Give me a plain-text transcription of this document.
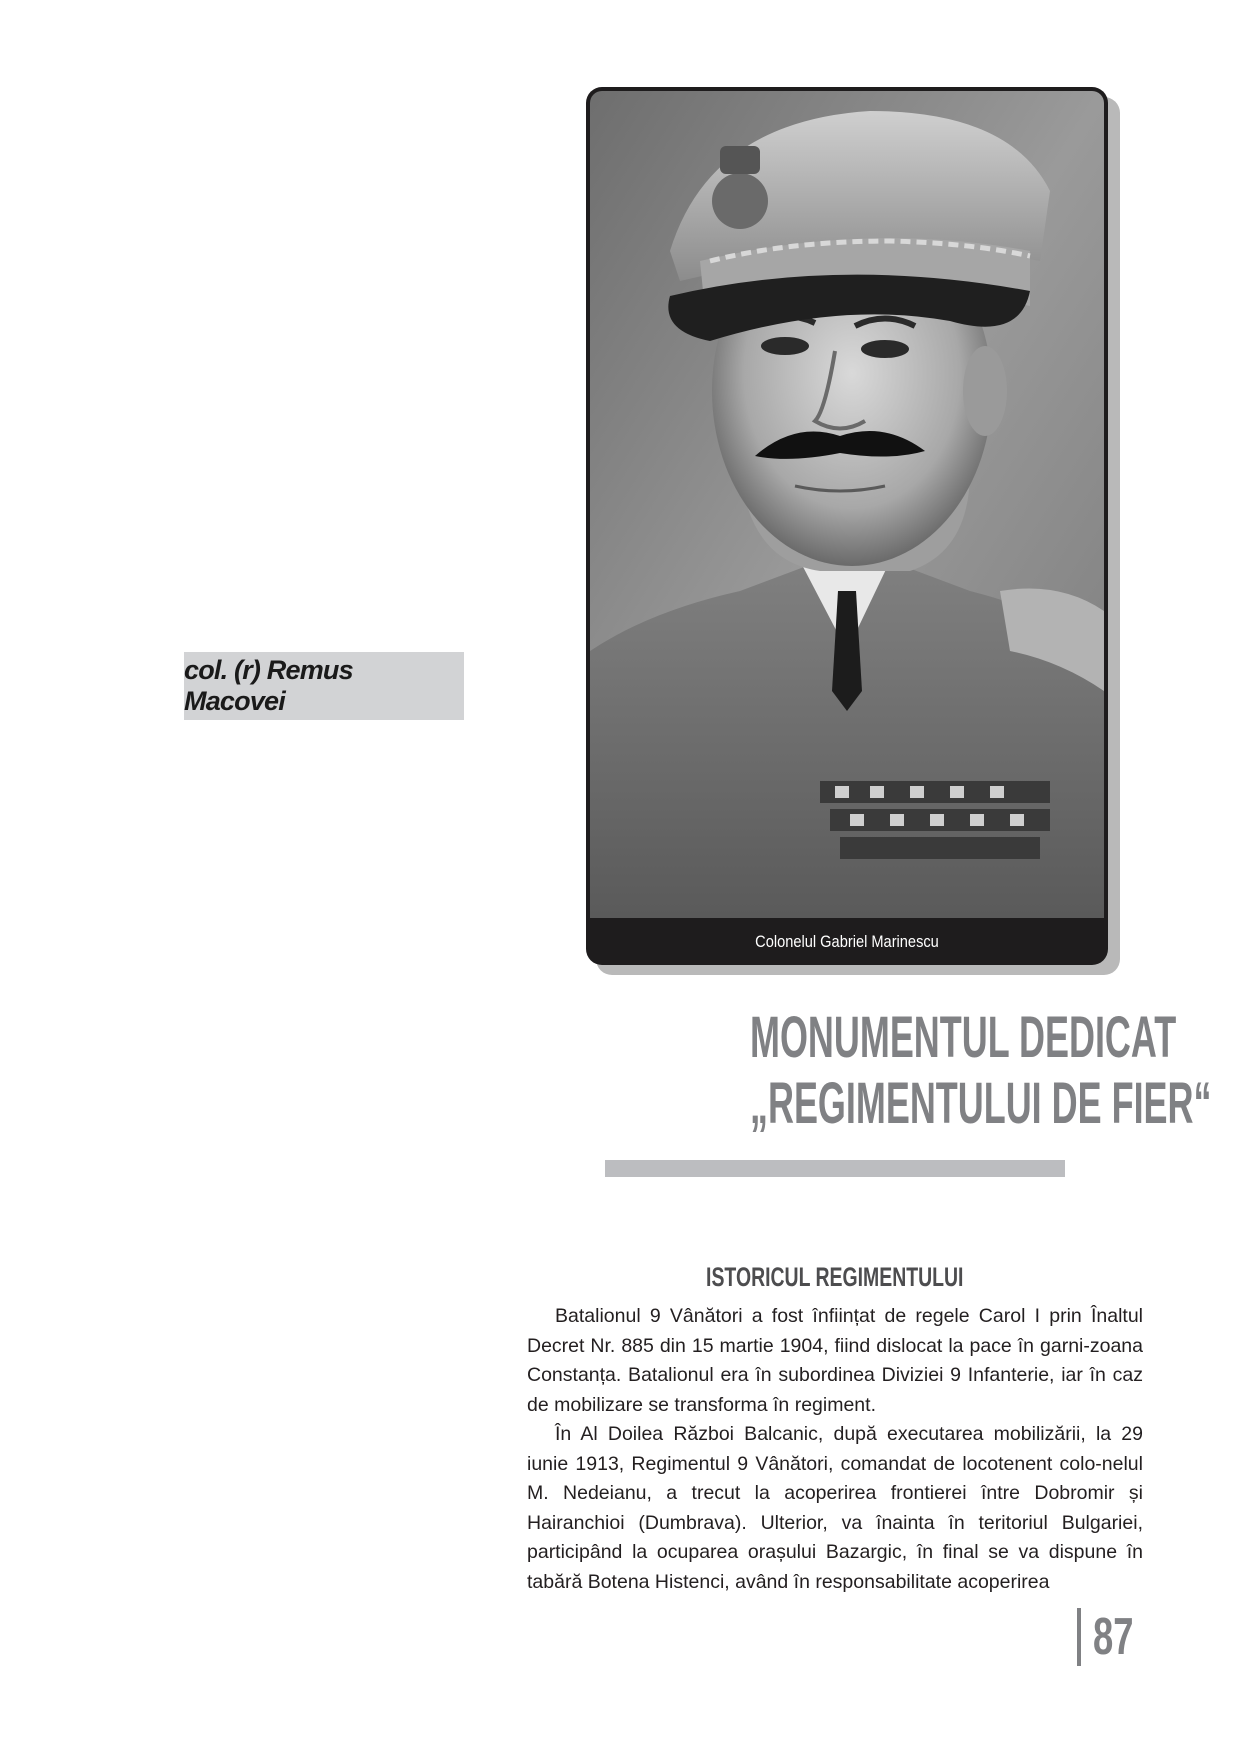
col. (r) Remus Macovei
Colonelul Gabriel Marinescu
MONUMENTUL DEDICAT
„REGIMENTULUI DE FIER“
ISTORICUL REGIMENTULUI

Batalionul 9 Vânători a fost înființat de regele Carol I prin Înaltul Decret Nr. 885 din 15 martie 1904, fiind dislocat la pace în garni-zoana Constanța. Batalionul era în subordinea Diviziei 9 Infanterie, iar în caz de mobilizare se transforma în regiment.

În Al Doilea Război Balcanic, după executarea mobilizării, la 29 iunie 1913, Regimentul 9 Vânători, comandat de locotenent colo-nelul M. Nedeianu, a trecut la acoperirea frontierei între Dobromir și Hairanchioi (Dumbrava). Ulterior, va înainta în teritoriul Bulgariei, participând la ocuparea orașului Bazargic, în final se va dispune în tabără Botena Histenci, având în responsabilitate acoperirea

87
